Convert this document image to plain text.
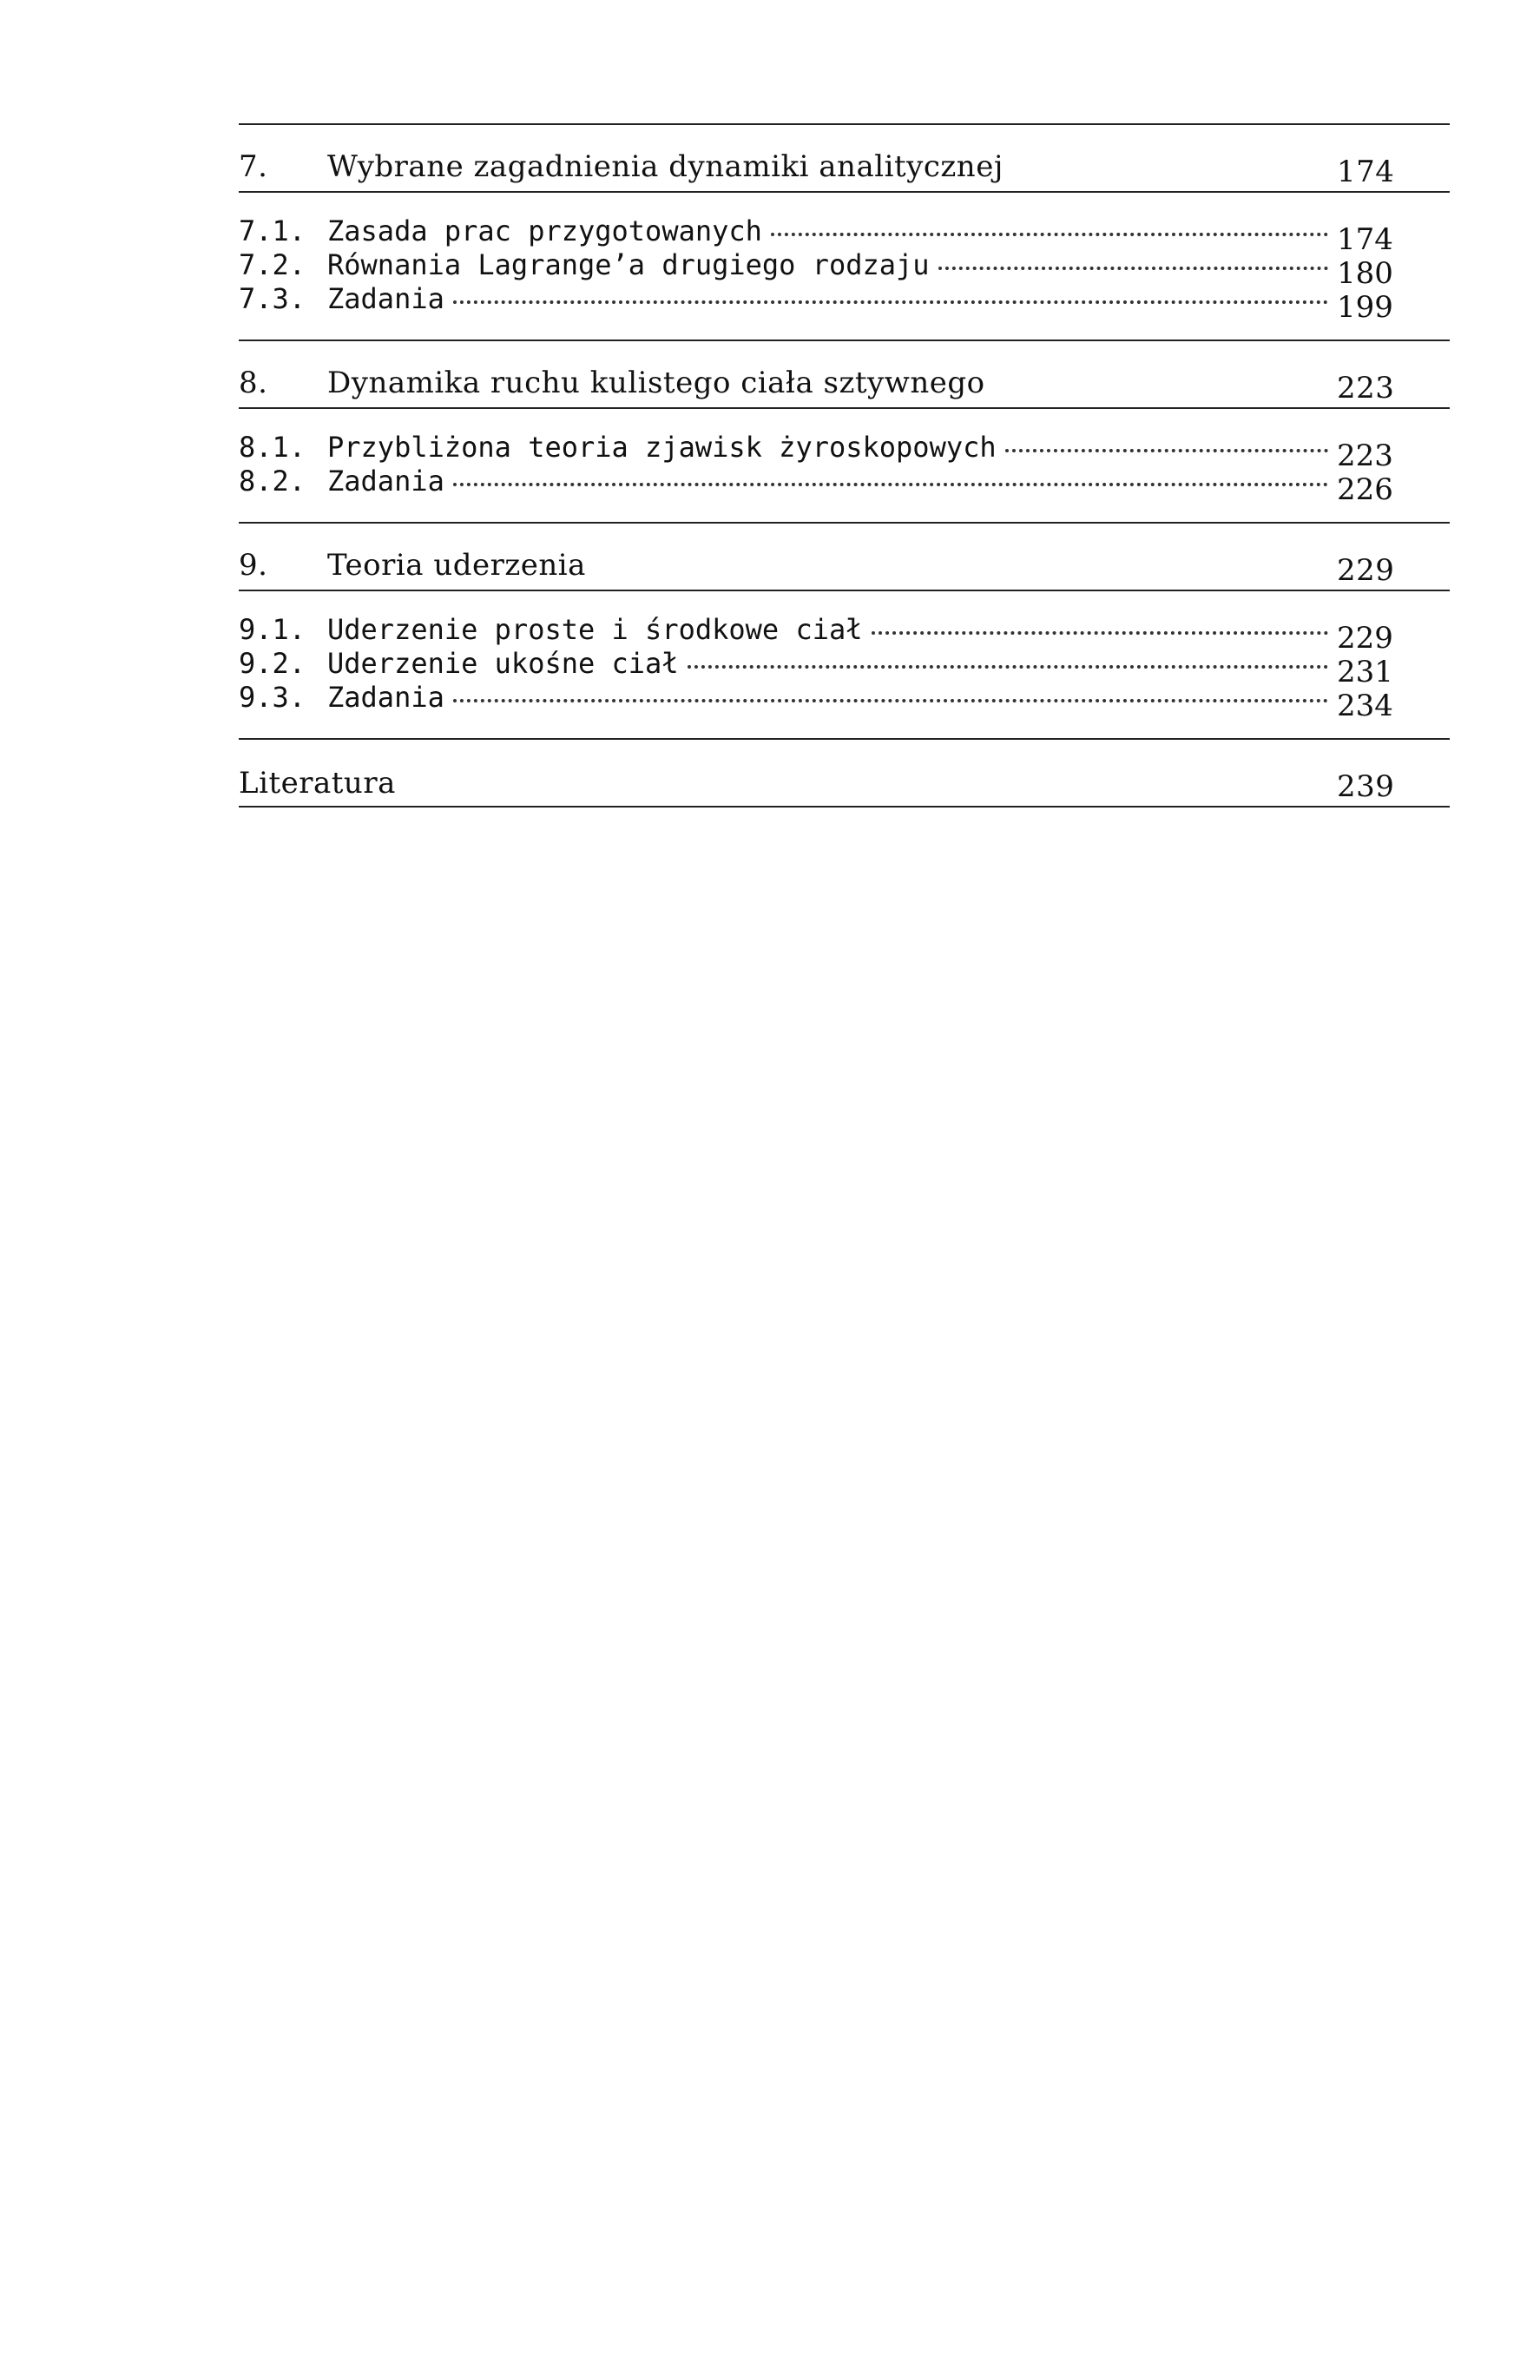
7.	Wybrane zagadnienia dynamiki analitycznej	174
7.1. Zasada prac przygotowanych	174
7.2. Równania Lagrange’a drugiego rodzaju	180
7.3. Zadania	199
8.	Dynamika ruchu kulistego ciała sztywnego	223
8.1. Przybliżona teoria zjawisk żyroskopowych	223
8.2. Zadania	226
9.	Teoria uderzenia	229
9.1. Uderzenie proste i środkowe ciał	229
9.2. Uderzenie ukośne ciał	231
9.3. Zadania	234
Literatura	239
